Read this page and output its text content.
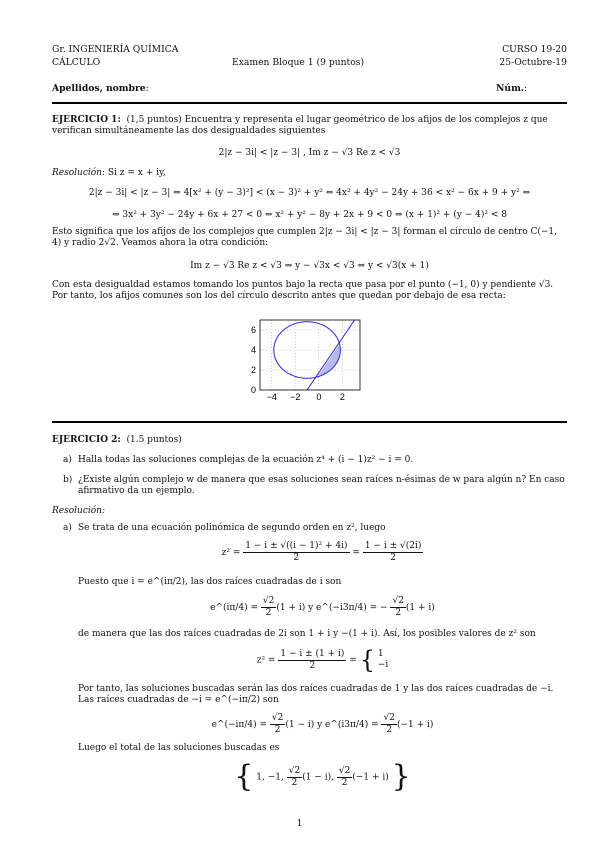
Gr. INGENIERÍA QUÍMICA
CÁLCULO	Examen Bloque 1 (9 puntos)
CURSO 19-20
25-Octubre-19
Apellidos, nombre:	Núm.:
EJERCICIO 1: (1,5 puntos) Encuentra y representa el lugar geométrico de los afijos de los complejos z que verifican simultáneamente las dos desigualdades siguientes
2|z − 3i| < |z − 3| , Im z − √3 Re z < √3
Resolución: Si z = x + iy,
2|z − 3i| < |z − 3| ⇔ 4[x² + (y − 3)²] < (x − 3)² + y² ⇔ 4x² + 4y² − 24y + 36 < x² − 6x + 9 + y² ⇔
⇔ 3x² + 3y² − 24y + 6x + 27 < 0 ⇔ x² + y² − 8y + 2x + 9 < 0 ⇔ (x + 1)² + (y − 4)² < 8
Esto significa que los afijos de los complejos que cumplen 2|z − 3i| < |z − 3| forman el círculo de centro C(−1, 4) y radio 2√2. Veamos ahora la otra condición:
Im z − √3 Re z < √3 ⇔ y − √3x < √3 ⇔ y < √3(x + 1)
Con esta desigualdad estamos tomando los puntos bajo la recta que pasa por el punto (−1, 0) y pendiente √3. Por tanto, los afijos comunes son los del círculo descrito antes que quedan por debajo de esa recta:
−4 −2 0 2
0
2
4
6
EJERCICIO 2: (1.5 puntos)
a) Halla todas las soluciones complejas de la ecuación z⁴ + (i − 1)z² − i = 0.
b) ¿Existe algún complejo w de manera que esas soluciones sean raíces n-ésimas de w para algún n? En caso afirmativo da un ejemplo.
Resolución:
a) Se trata de una ecuación polinómica de segundo orden en z², luego
$z^2 = \frac{\text{1 − i ± √((i − 1)² + 4i)}}{2} = \frac{1 - i \pm √(2i)}{2}$
Puesto que i = e^(iπ/2), las dos raíces cuadradas de i son
e^(iπ/4) = $\frac{√2}{2} (1 + i)$ y e^(−i3π/4) = − $\frac{√2}{2} (1 + i)$
de manera que las dos raíces cuadradas de 2i son 1 + i y −(1 + i). Así, los posibles valores de z² son
$z^2 = \frac{1 - i \pm (1 + i)}{2}$ = { 1
−i
Por tanto, las soluciones buscadas serán las dos raíces cuadradas de 1 y las dos raíces cuadradas de −i. Las raíces cuadradas de −i = e^(−iπ/2) son
e^(−iπ/4) = $\frac{√2}{2} (1 - i)$ y e^(i3π/4) = $\frac{√2}{2} (-1 + i)$
Luego el total de las soluciones buscadas es
{ 1, −1, $\frac{√2}{2} (1 - i)$, $\frac{√2}{2} (-1 + i)$ }
1
